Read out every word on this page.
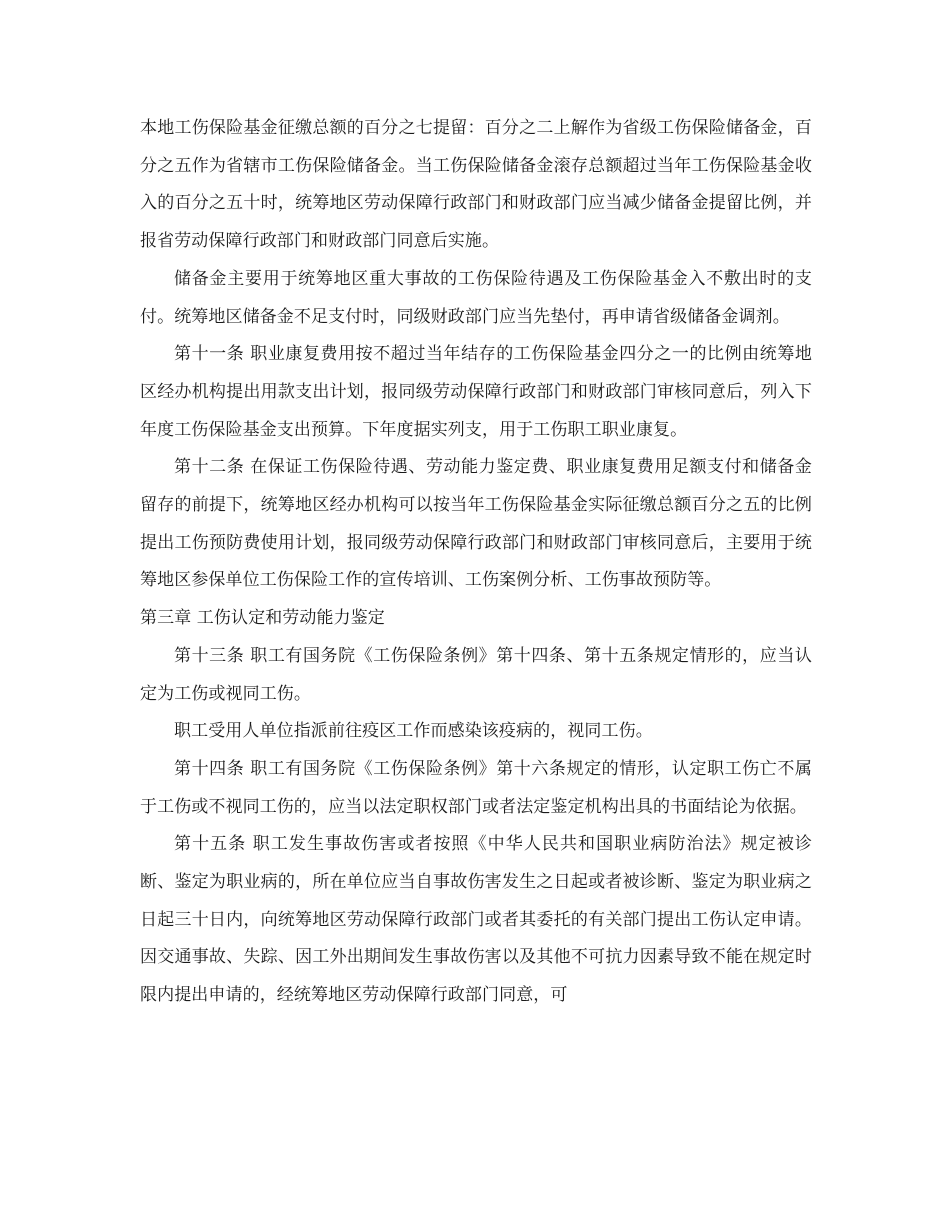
本地工伤保险基金征缴总额的百分之七提留：百分之二上解作为省级工伤保险储备金，百分之五作为省辖市工伤保险储备金。当工伤保险储备金滚存总额超过当年工伤保险基金收入的百分之五十时，统筹地区劳动保障行政部门和财政部门应当减少储备金提留比例，并报省劳动保障行政部门和财政部门同意后实施。

储备金主要用于统筹地区重大事故的工伤保险待遇及工伤保险基金入不敷出时的支付。统筹地区储备金不足支付时，同级财政部门应当先垫付，再申请省级储备金调剂。

第十一条 职业康复费用按不超过当年结存的工伤保险基金四分之一的比例由统筹地区经办机构提出用款支出计划，报同级劳动保障行政部门和财政部门审核同意后，列入下年度工伤保险基金支出预算。下年度据实列支，用于工伤职工职业康复。

第十二条 在保证工伤保险待遇、劳动能力鉴定费、职业康复费用足额支付和储备金留存的前提下，统筹地区经办机构可以按当年工伤保险基金实际征缴总额百分之五的比例提出工伤预防费使用计划，报同级劳动保障行政部门和财政部门审核同意后，主要用于统筹地区参保单位工伤保险工作的宣传培训、工伤案例分析、工伤事故预防等。

第三章 工伤认定和劳动能力鉴定

第十三条 职工有国务院《工伤保险条例》第十四条、第十五条规定情形的，应当认定为工伤或视同工伤。

职工受用人单位指派前往疫区工作而感染该疫病的，视同工伤。

第十四条 职工有国务院《工伤保险条例》第十六条规定的情形，认定职工伤亡不属于工伤或不视同工伤的，应当以法定职权部门或者法定鉴定机构出具的书面结论为依据。

第十五条 职工发生事故伤害或者按照《中华人民共和国职业病防治法》规定被诊断、鉴定为职业病的，所在单位应当自事故伤害发生之日起或者被诊断、鉴定为职业病之日起三十日内，向统筹地区劳动保障行政部门或者其委托的有关部门提出工伤认定申请。因交通事故、失踪、因工外出期间发生事故伤害以及其他不可抗力因素导致不能在规定时限内提出申请的，经统筹地区劳动保障行政部门同意，可
